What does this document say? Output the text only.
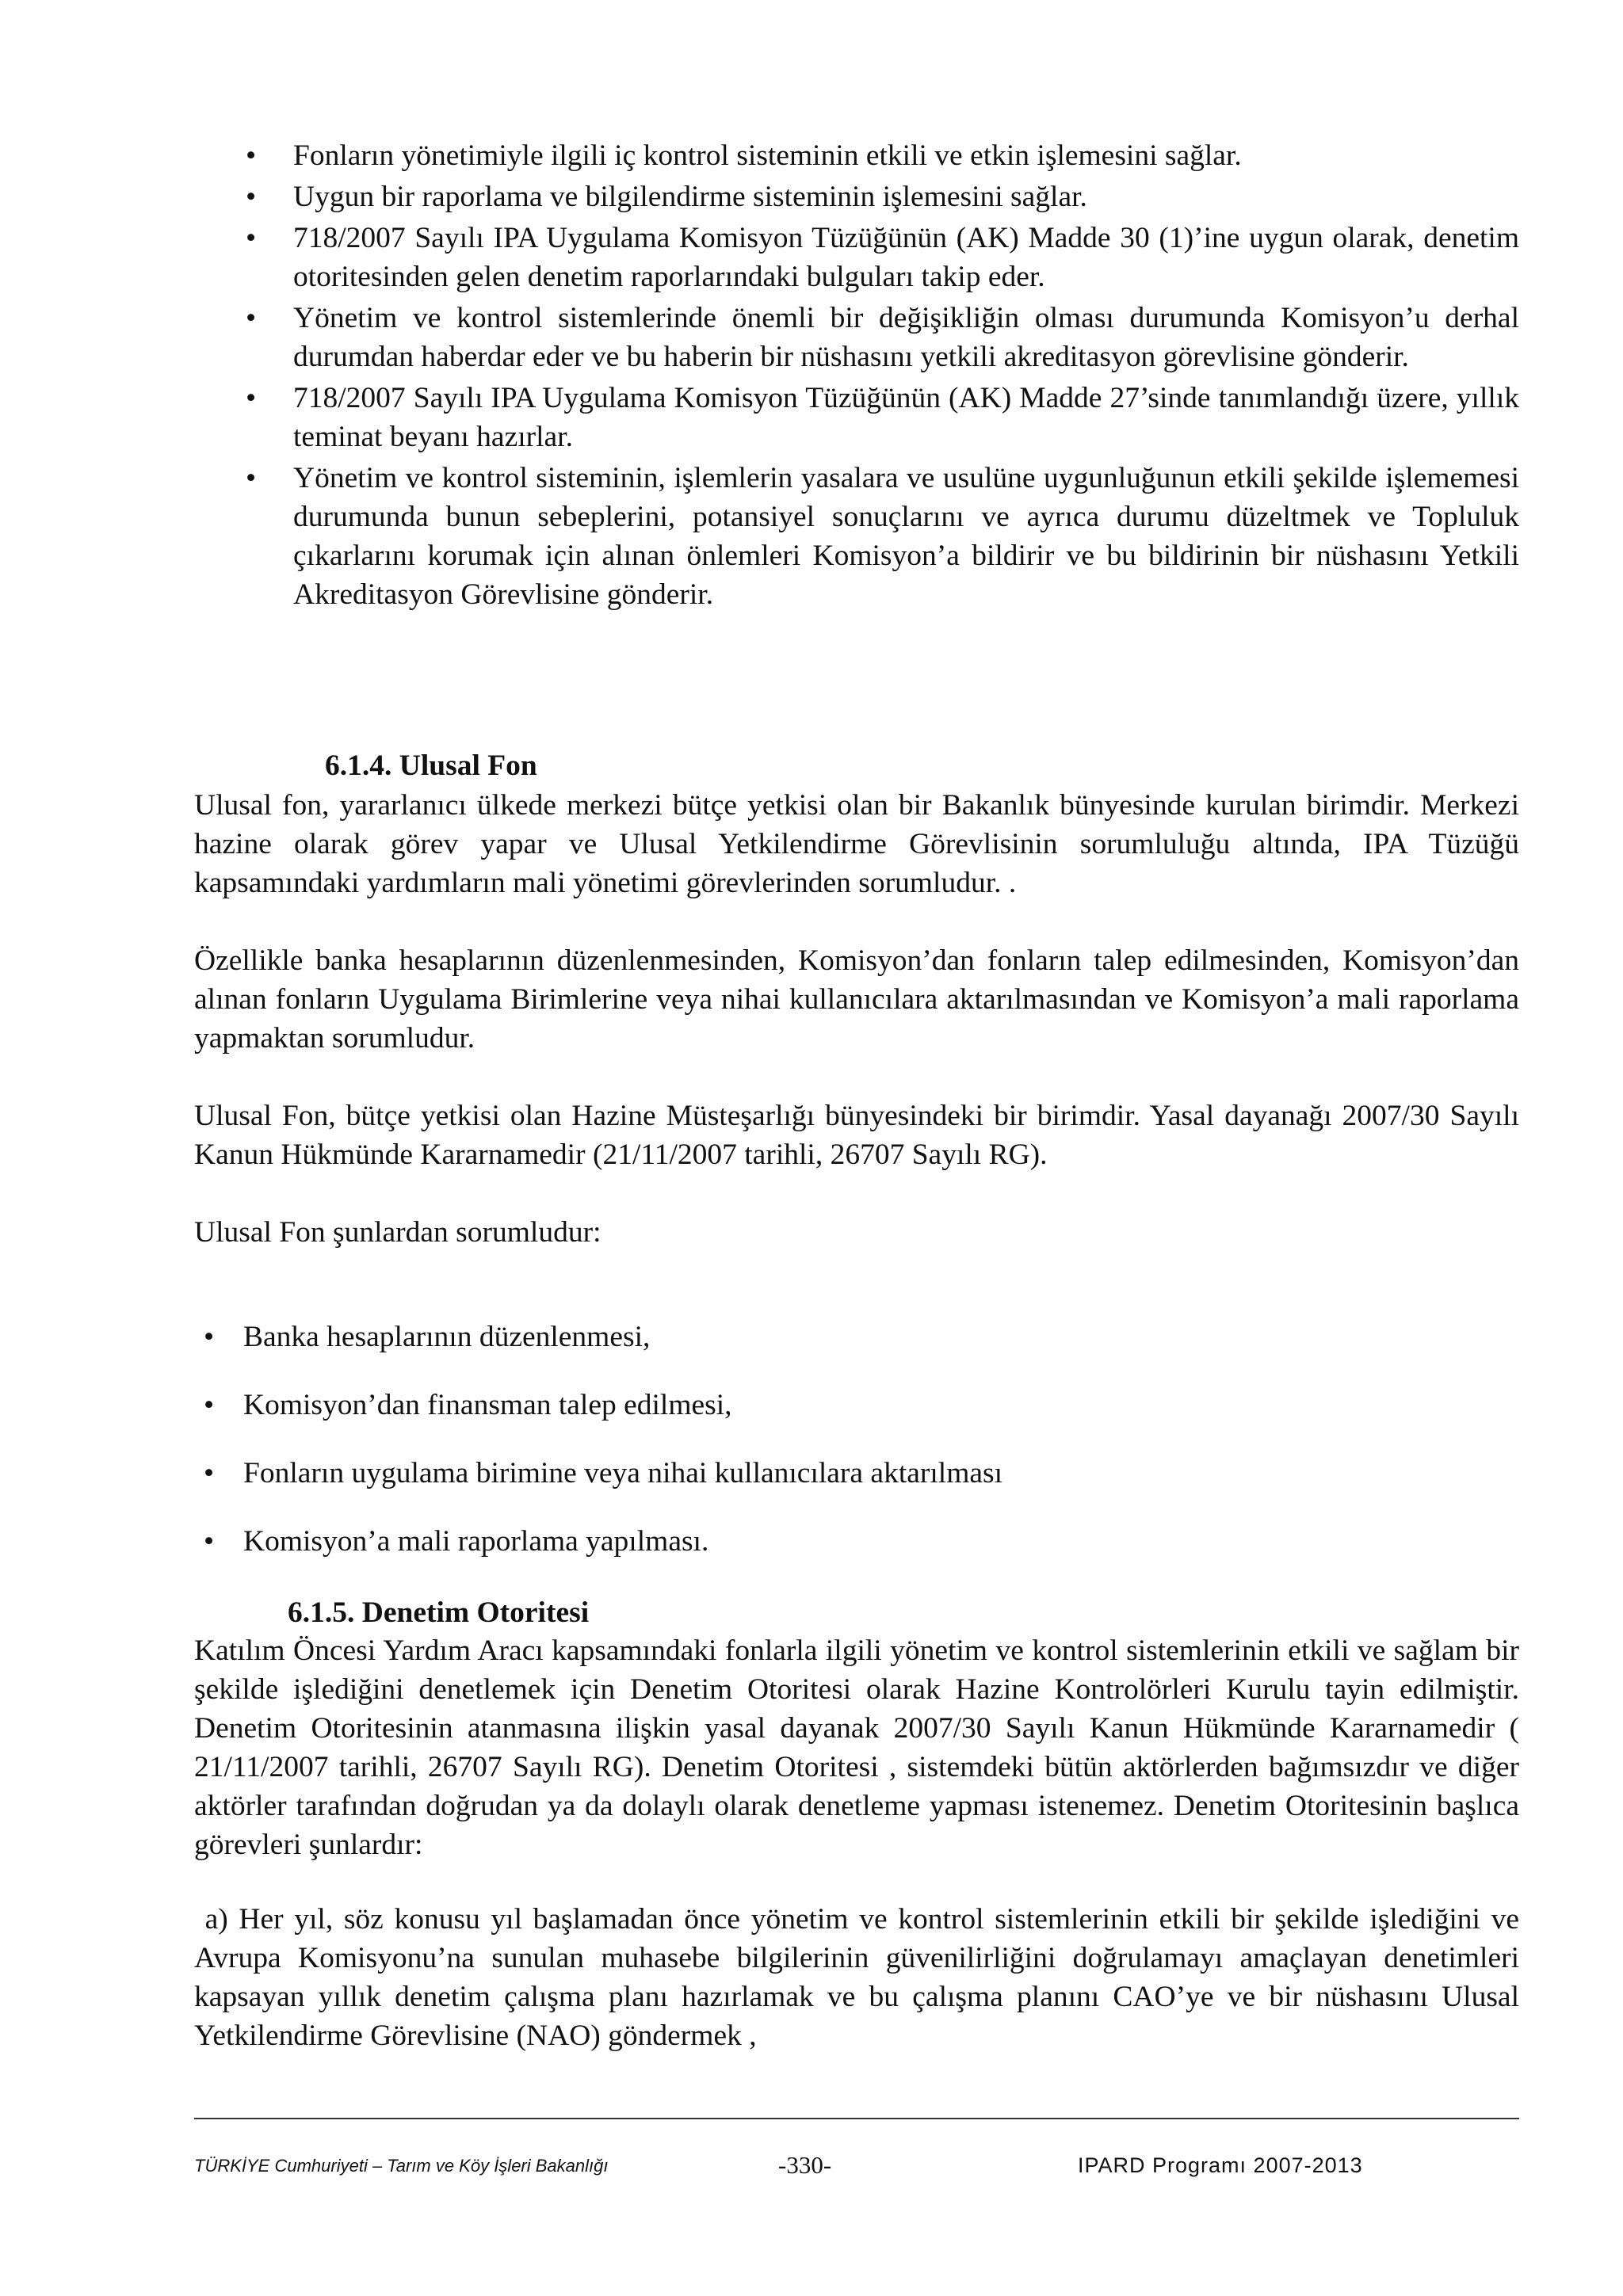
• Fonların yönetimiyle ilgili iç kontrol sisteminin etkili ve etkin işlemesini sağlar.
• Uygun bir raporlama ve bilgilendirme sisteminin işlemesini sağlar.
• 718/2007 Sayılı IPA Uygulama Komisyon Tüzüğünün (AK) Madde 30 (1)’ine uygun olarak, denetim otoritesinden gelen denetim raporlarındaki bulguları takip eder.
• Yönetim ve kontrol sistemlerinde önemli bir değişikliğin olması durumunda Komisyon’u derhal durumdan haberdar eder ve bu haberin bir nüshasını yetkili akreditasyon görevlisine gönderir.
• 718/2007 Sayılı IPA Uygulama Komisyon Tüzüğünün (AK) Madde 27’sinde tanımlandığı üzere, yıllık teminat beyanı hazırlar.
• Yönetim ve kontrol sisteminin, işlemlerin yasalara ve usulüne uygunluğunun etkili şekilde işlememesi durumunda bunun sebeplerini, potansiyel sonuçlarını ve ayrıca durumu düzeltmek ve Topluluk çıkarlarını korumak için alınan önlemleri Komisyon’a bildirir ve bu bildirinin bir nüshasını Yetkili Akreditasyon Görevlisine gönderir.
6.1.4. Ulusal Fon

Ulusal fon, yararlanıcı ülkede merkezi bütçe yetkisi olan bir Bakanlık bünyesinde kurulan birimdir. Merkezi hazine olarak görev yapar ve Ulusal Yetkilendirme Görevlisinin sorumluluğu altında, IPA Tüzüğü kapsamındaki yardımların mali yönetimi görevlerinden sorumludur. .

Özellikle banka hesaplarının düzenlenmesinden, Komisyon’dan fonların talep edilmesinden, Komisyon’dan alınan fonların Uygulama Birimlerine veya nihai kullanıcılara aktarılmasından ve Komisyon’a mali raporlama yapmaktan sorumludur.

Ulusal Fon, bütçe yetkisi olan Hazine Müsteşarlığı bünyesindeki bir birimdir. Yasal dayanağı 2007/30 Sayılı Kanun Hükmünde Kararnamedir (21/11/2007 tarihli, 26707 Sayılı RG).

Ulusal Fon şunlardan sorumludur:

• Banka hesaplarının düzenlenmesi,
• Komisyon’dan finansman talep edilmesi,
• Fonların uygulama birimine veya nihai kullanıcılara aktarılması
• Komisyon’a mali raporlama yapılması.
6.1.5. Denetim Otoritesi

Katılım Öncesi Yardım Aracı kapsamındaki fonlarla ilgili yönetim ve kontrol sistemlerinin etkili ve sağlam bir şekilde işlediğini denetlemek için Denetim Otoritesi olarak Hazine Kontrolörleri Kurulu tayin edilmiştir. Denetim Otoritesinin atanmasına ilişkin yasal dayanak 2007/30 Sayılı Kanun Hükmünde Kararnamedir ( 21/11/2007 tarihli, 26707 Sayılı RG). Denetim Otoritesi , sistemdeki bütün aktörlerden bağımsızdır ve diğer aktörler tarafından doğrudan ya da dolaylı olarak denetleme yapması istenemez. Denetim Otoritesinin başlıca görevleri şunlardır:

a) Her yıl, söz konusu yıl başlamadan önce yönetim ve kontrol sistemlerinin etkili bir şekilde işlediğini ve Avrupa Komisyonu’na sunulan muhasebe bilgilerinin güvenilirliğini doğrulamayı amaçlayan denetimleri kapsayan yıllık denetim çalışma planı hazırlamak ve bu çalışma planını CAO’ye ve bir nüshasını Ulusal Yetkilendirme Görevlisine (NAO) göndermek ,

TÜRKİYE Cumhuriyeti – Tarım ve Köy İşleri Bakanlığı	-330-	IPARD Programı 2007-2013
